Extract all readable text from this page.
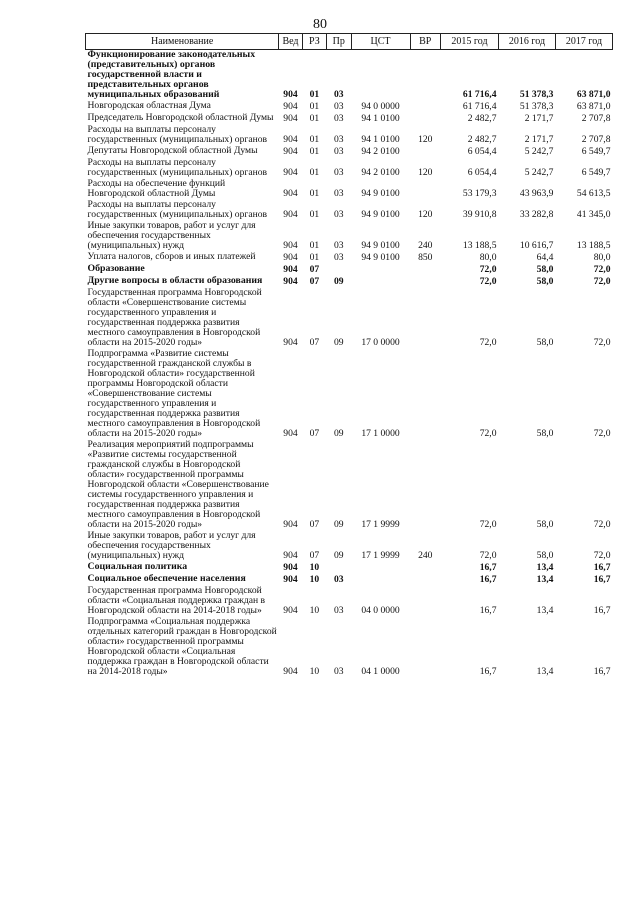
80
Наименование	Вед	РЗ	Пр	ЦСТ	ВР	2015 год	2016 год	2017 год
Функционирование законодательных (представительных) органов государственной власти и представительных органов муниципальных образований	904	01	03			61 716,4	51 378,3	63 871,0
Новгородская областная Дума	904	01	03	94 0 0000		61 716,4	51 378,3	63 871,0
Председатель Новгородской областной Думы	904	01	03	94 1 0100		2 482,7	2 171,7	2 707,8
Расходы на выплаты персоналу государственных (муниципальных) органов	904	01	03	94 1 0100	120	2 482,7	2 171,7	2 707,8
Депутаты Новгородской областной Думы	904	01	03	94 2 0100		6 054,4	5 242,7	6 549,7
Расходы на выплаты персоналу государственных (муниципальных) органов	904	01	03	94 2 0100	120	6 054,4	5 242,7	6 549,7
Расходы на обеспечение функций Новгородской областной Думы	904	01	03	94 9 0100		53 179,3	43 963,9	54 613,5
Расходы на выплаты персоналу государственных (муниципальных) органов	904	01	03	94 9 0100	120	39 910,8	33 282,8	41 345,0
Иные закупки товаров, работ и услуг для обеспечения государственных (муниципальных) нужд	904	01	03	94 9 0100	240	13 188,5	10 616,7	13 188,5
Уплата налогов, сборов и иных платежей	904	01	03	94 9 0100	850	80,0	64,4	80,0
Образование	904	07				72,0	58,0	72,0
Другие вопросы в области образования	904	07	09			72,0	58,0	72,0
Государственная программа Новгородской области «Совершенствование системы государственного управления и государственная поддержка развития местного самоуправления в Новгородской области на 2015-2020 годы»	904	07	09	17 0 0000		72,0	58,0	72,0
Подпрограмма «Развитие системы государственной гражданской службы в Новгородской области» государственной программы Новгородской области «Совершенствование системы государственного управления и государственная поддержка развития местного самоуправления в Новгородской области на 2015-2020 годы»	904	07	09	17 1 0000		72,0	58,0	72,0
Реализация мероприятий подпрограммы «Развитие системы государственной гражданской службы в Новгородской области» государственной программы Новгородской области «Совершенствование системы государственного управления и государственная поддержка развития местного самоуправления в Новгородской области на 2015-2020 годы»	904	07	09	17 1 9999		72,0	58,0	72,0
Иные закупки товаров, работ и услуг для обеспечения государственных (муниципальных) нужд	904	07	09	17 1 9999	240	72,0	58,0	72,0
Социальная политика	904	10				16,7	13,4	16,7
Социальное обеспечение населения	904	10	03			16,7	13,4	16,7
Государственная программа Новгородской области «Социальная поддержка граждан в Новгородской области на 2014-2018 годы»	904	10	03	04 0 0000		16,7	13,4	16,7
Подпрограмма «Социальная поддержка отдельных категорий граждан в Новгородской области» государственной программы Новгородской области «Социальная поддержка граждан в Новгородской области на 2014-2018 годы»	904	10	03	04 1 0000		16,7	13,4	16,7
